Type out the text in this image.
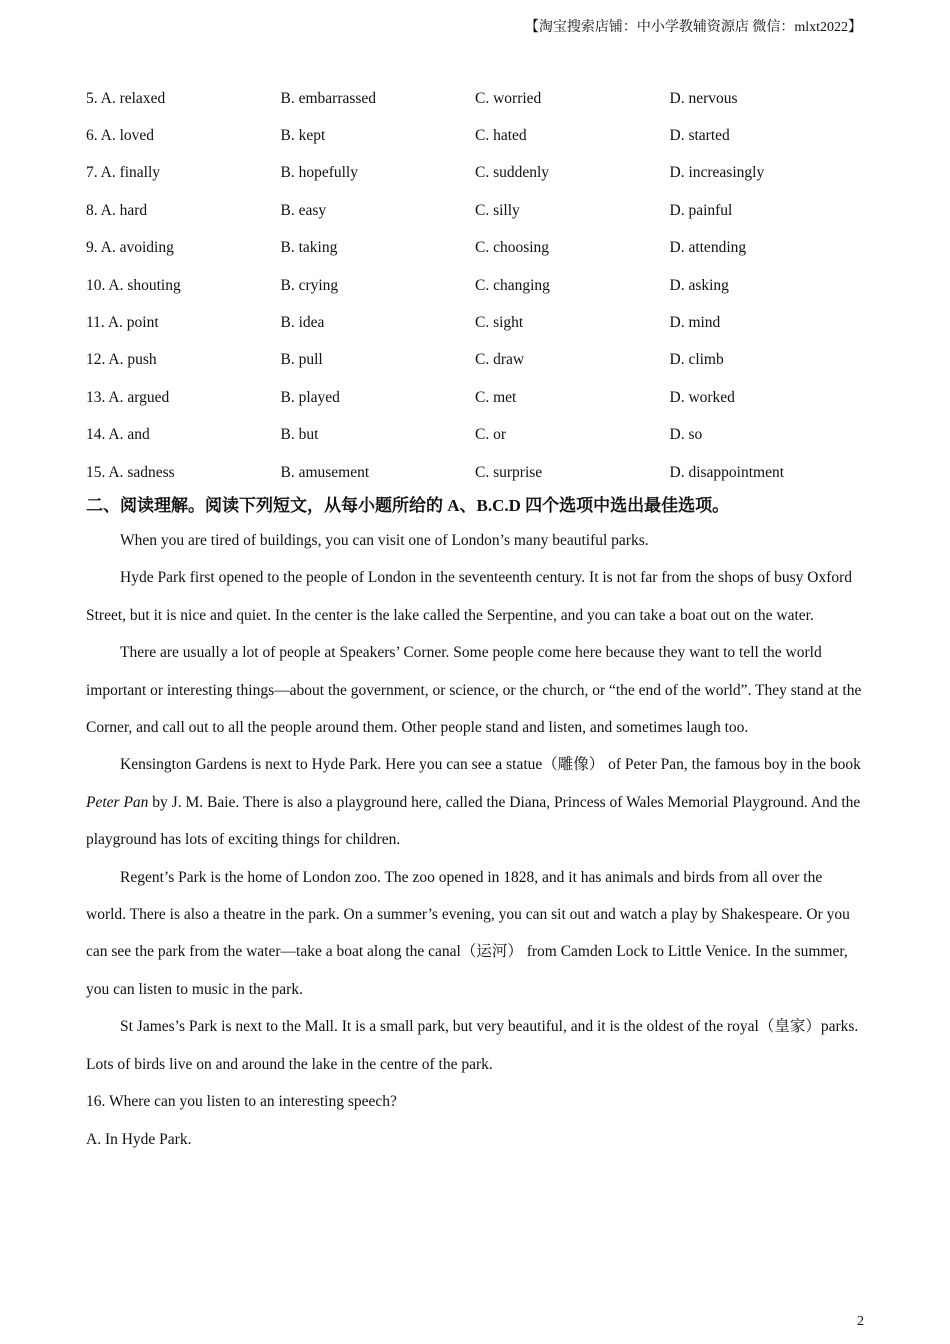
【淘宝搜索店铺：中小学教辅资源店 微信：mlxt2022】
5. A. relaxed	B. embarrassed	C. worried	D. nervous
6. A. loved	B. kept	C. hated	D. started
7. A. finally	B. hopefully	C. suddenly	D. increasingly
8. A. hard	B. easy	C. silly	D. painful
9. A. avoiding	B. taking	C. choosing	D. attending
10. A. shouting	B. crying	C. changing	D. asking
11. A. point	B. idea	C. sight	D. mind
12. A. push	B. pull	C. draw	D. climb
13. A. argued	B. played	C. met	D. worked
14. A. and	B. but	C. or	D. so
15. A. sadness	B. amusement	C. surprise	D. disappointment
二、阅读理解。阅读下列短文，从每小题所给的 A、B.C.D 四个选项中选出最佳选项。

When you are tired of buildings, you can visit one of London’s many beautiful parks.

Hyde Park first opened to the people of London in the seventeenth century. It is not far from the shops of busy Oxford Street, but it is nice and quiet. In the center is the lake called the Serpentine, and you can take a boat out on the water.

There are usually a lot of people at Speakers’ Corner. Some people come here because they want to tell the world important or interesting things—about the government, or science, or the church, or “the end of the world”. They stand at the Corner, and call out to all the people around them. Other people stand and listen, and sometimes laugh too.

Kensington Gardens is next to Hyde Park. Here you can see a statue（雕像） of Peter Pan, the famous boy in the book Peter Pan by J. M. Baie. There is also a playground here, called the Diana, Princess of Wales Memorial Playground. And the playground has lots of exciting things for children.

Regent’s Park is the home of London zoo. The zoo opened in 1828, and it has animals and birds from all over the world. There is also a theatre in the park. On a summer’s evening, you can sit out and watch a play by Shakespeare. Or you can see the park from the water—take a boat along the canal（运河） from Camden Lock to Little Venice. In the summer, you can listen to music in the park.

St James’s Park is next to the Mall. It is a small park, but very beautiful, and it is the oldest of the royal（皇家）parks. Lots of birds live on and around the lake in the centre of the park.

16. Where can you listen to an interesting speech?

A. In Hyde Park.

2
